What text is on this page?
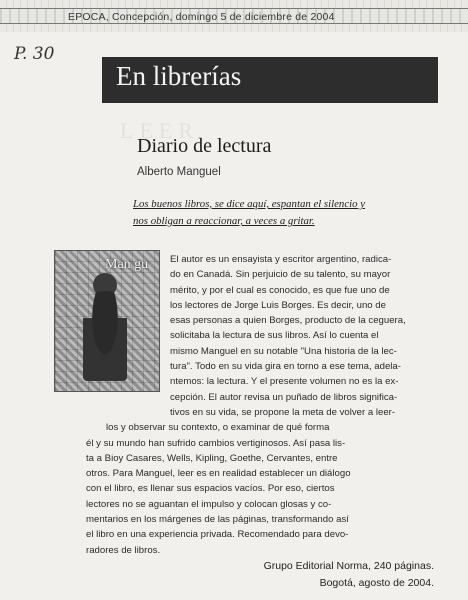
EPOCA, Concepción, domingo 5 de diciembre de 2004
P. 30
En librerías
LEER
Diario de lectura
Alberto Manguel
Los buenos libros, se dice aquí, espantan el silencio y
nos obligan a reaccionar, a veces a gritar.
Man gu	El autor es un ensayista y escritor argentino, radica-
do en Canadá. Sin perjuicio de su talento, su mayor
mérito, y por el cual es conocido, es que fue uno de
los lectores de Jorge Luis Borges. Es decir, uno de
esas personas a quien Borges, producto de la ceguera,
solicitaba la lectura de sus libros. Así lo cuenta el
mismo Manguel en su notable "Una historia de la lec-
tura". Todo en su vida gira en torno a ese tema, adela-
ntemos: la lectura. Y el presente volumen no es la ex-
cepción. El autor revisa un puñado de libros significa-
tivos en su vida, se propone la meta de volver a leer-
los y observar su contexto, o examinar de qué forma
él y su mundo han sufrido cambios vertiginosos. Así pasa lis-
ta a Bioy Casares, Wells, Kipling, Goethe, Cervantes, entre
otros. Para Manguel, leer es en realidad establecer un diálogo
con el libro, es llenar sus espacios vacíos. Por eso, ciertos
lectores no se aguantan el impulso y colocan glosas y co-
mentarios en los márgenes de las páginas, transformando así
el libro en una experiencia privada. Recomendado para devo-
radores de libros.
Grupo Editorial Norma, 240 páginas.
Bogotá, agosto de 2004.
